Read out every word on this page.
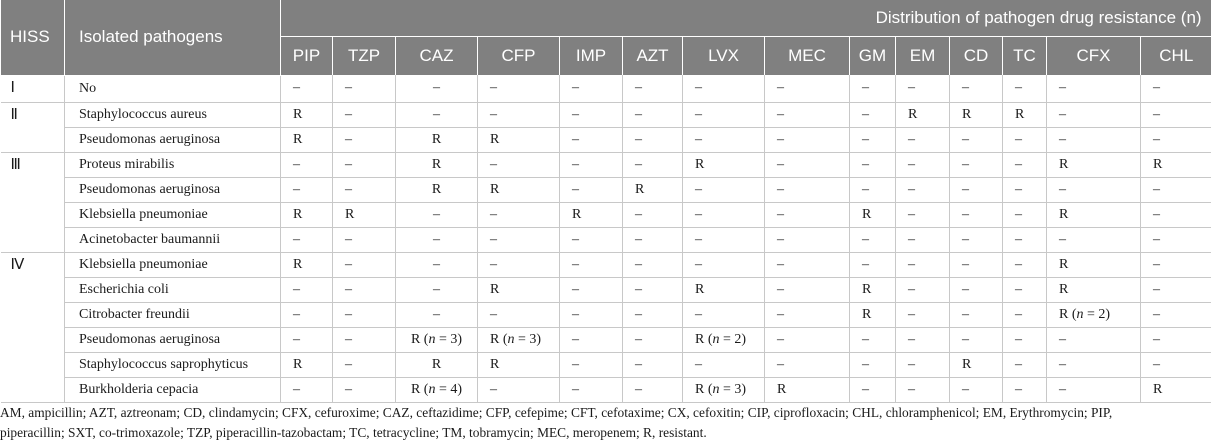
HISS	Isolated pathogens	Distribution of pathogen drug resistance (n)													
		PIP	TZP	CAZ	CFP	IMP	AZT	LVX	MEC	GM	EM	CD	TC	CFX	CHL
Ⅰ	No	–	–	–	–	–	–	–	–	–	–	–	–	–	–
Ⅱ	Staphylococcus aureus	R	–	–	–	–	–	–	–	–	R	R	R	–	–
	Pseudomonas aeruginosa	R	–	R	R	–	–	–	–	–	–	–	–	–	–
Ⅲ	Proteus mirabilis	–	–	R	–	–	–	R	–	–	–	–	–	R	R
	Pseudomonas aeruginosa	–	–	R	R	–	R	–	–	–	–	–	–	–	–
	Klebsiella pneumoniae	R	R	–	–	R	–	–	–	R	–	–	–	R	–
	Acinetobacter baumannii	–	–	–	–	–	–	–	–	–	–	–	–	–	–
Ⅳ	Klebsiella pneumoniae	R	–	–	–	–	–	–	–	–	–	–	–	R	–
	Escherichia coli	–	–	–	R	–	–	R	–	R	–	–	–	R	–
	Citrobacter freundii	–	–	–	–	–	–	–	–	R	–	–	–	R (n = 2)	–
	Pseudomonas aeruginosa	–	–	R (n = 3)	R (n = 3)	–	–	R (n = 2)	–	–	–	–	–	–	–
	Staphylococcus saprophyticus	R	–	R	R	–	–	–	–	–	–	R	–	–	–
	Burkholderia cepacia	–	–	R (n = 4)	–	–	–	R (n = 3)	R	–	–	–	–	–	R
AM, ampicillin; AZT, aztreonam; CD, clindamycin; CFX, cefuroxime; CAZ, ceftazidime; CFP, cefepime; CFT, cefotaxime; CX, cefoxitin; CIP, ciprofloxacin; CHL, chloramphenicol; EM, Erythromycin; PIP,
piperacillin; SXT, co-trimoxazole; TZP, piperacillin-tazobactam; TC, tetracycline; TM, tobramycin; MEC, meropenem; R, resistant.
